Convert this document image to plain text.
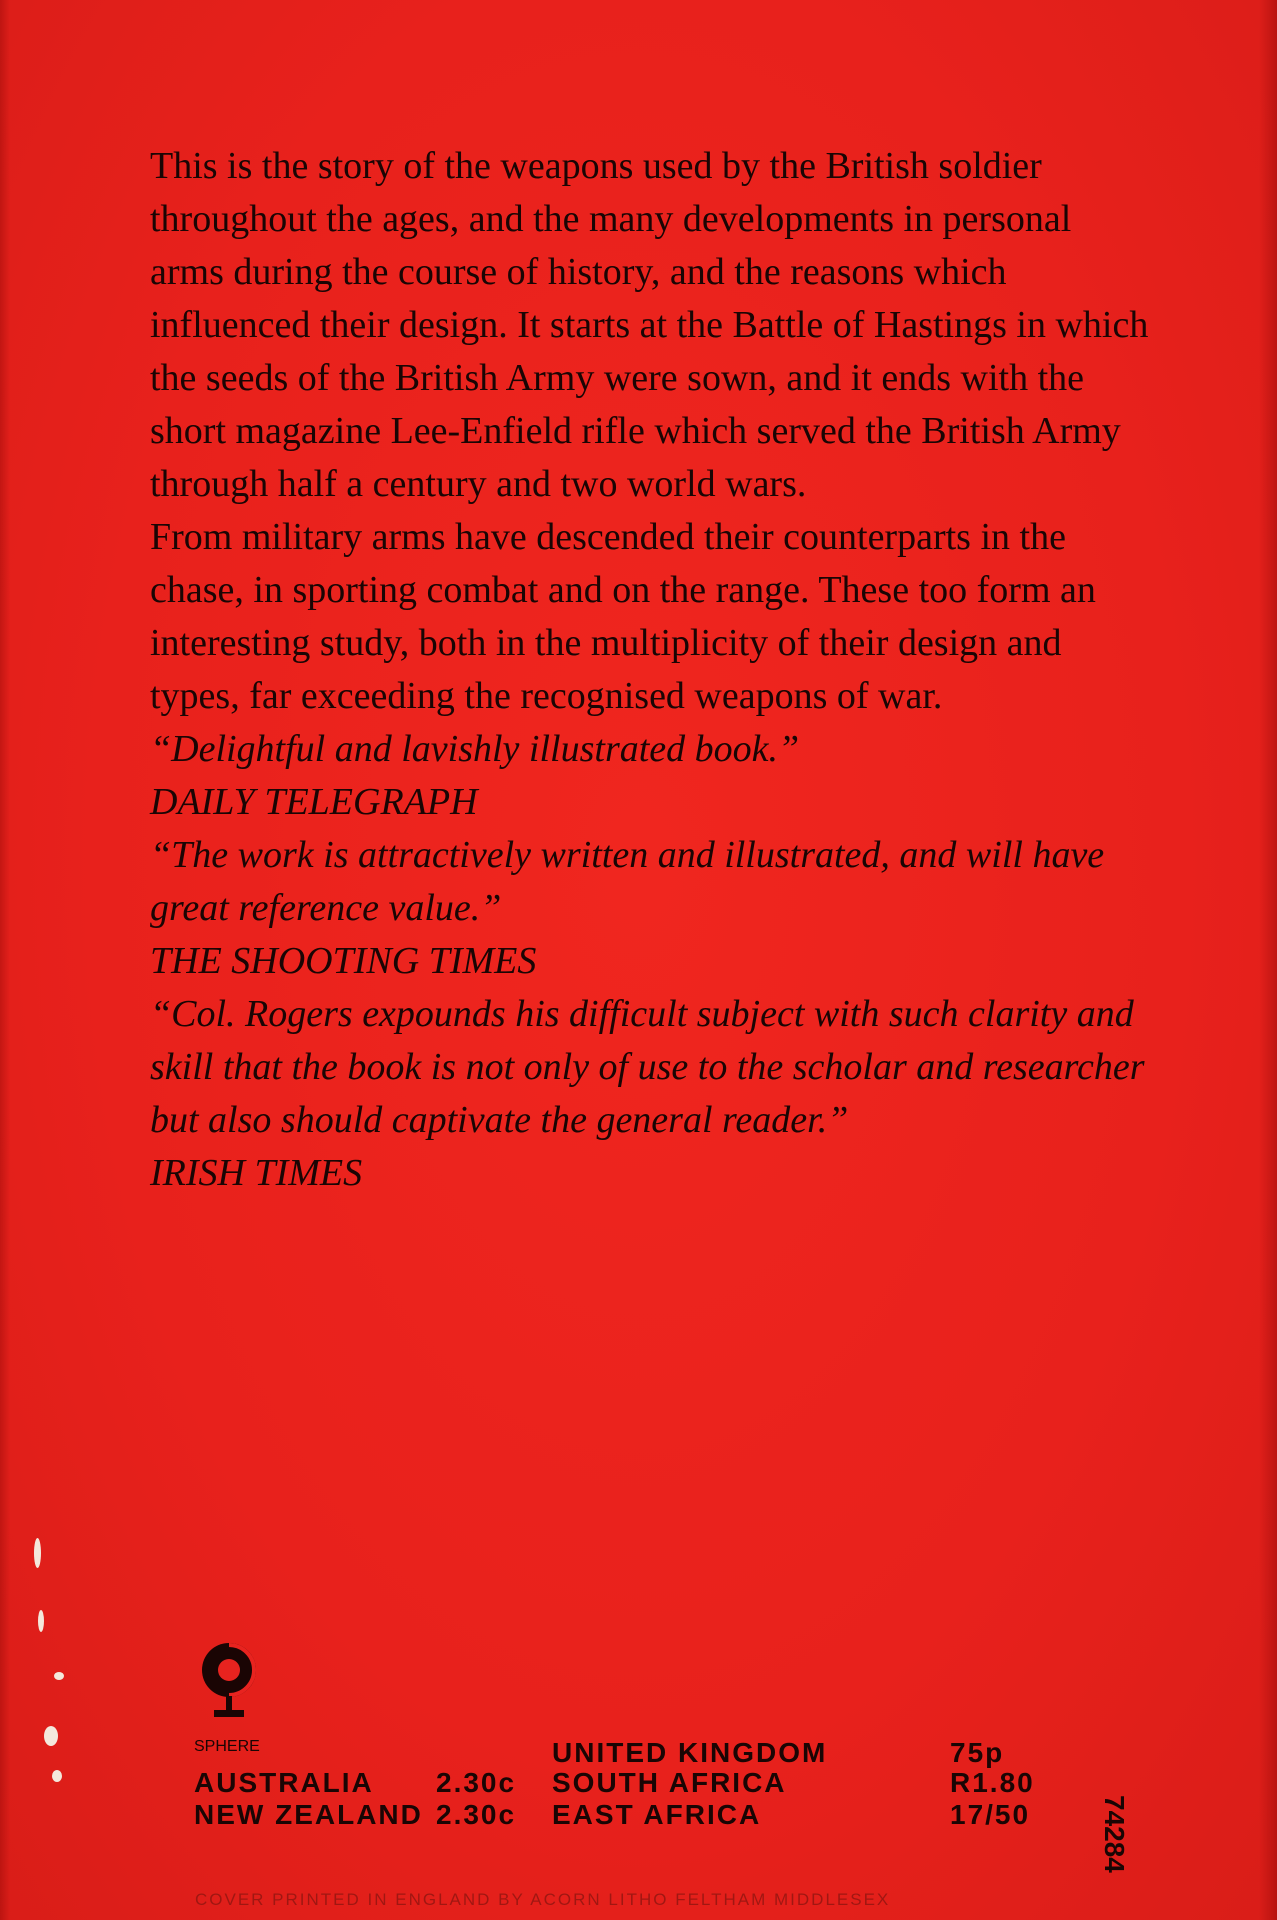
This is the story of the weapons used by the British soldier throughout the ages, and the many developments in personal arms during the course of history, and the reasons which influenced their design. It starts at the Battle of Hastings in which the seeds of the British Army were sown, and it ends with the short magazine Lee-Enfield rifle which served the British Army through half a century and two world wars.

From military arms have descended their counterparts in the chase, in sporting combat and on the range. These too form an interesting study, both in the multiplicity of their design and types, far exceeding the recognised weapons of war.

“Delightful and lavishly illustrated book.”

DAILY TELEGRAPH

“The work is attractively written and illustrated, and will have great reference value.”

THE SHOOTING TIMES

“Col. Rogers expounds his difficult subject with such clarity and skill that the book is not only of use to the scholar and researcher but also should captivate the general reader.”

IRISH TIMES

SPHERE
AUSTRALIA 2.30c
NEW ZEALAND 2.30c
UNITED KINGDOM	75p
SOUTH AFRICA	R1.80
EAST AFRICA	17/50 74284
COVER PRINTED IN ENGLAND BY ACORN LITHO FELTHAM MIDDLESEX
